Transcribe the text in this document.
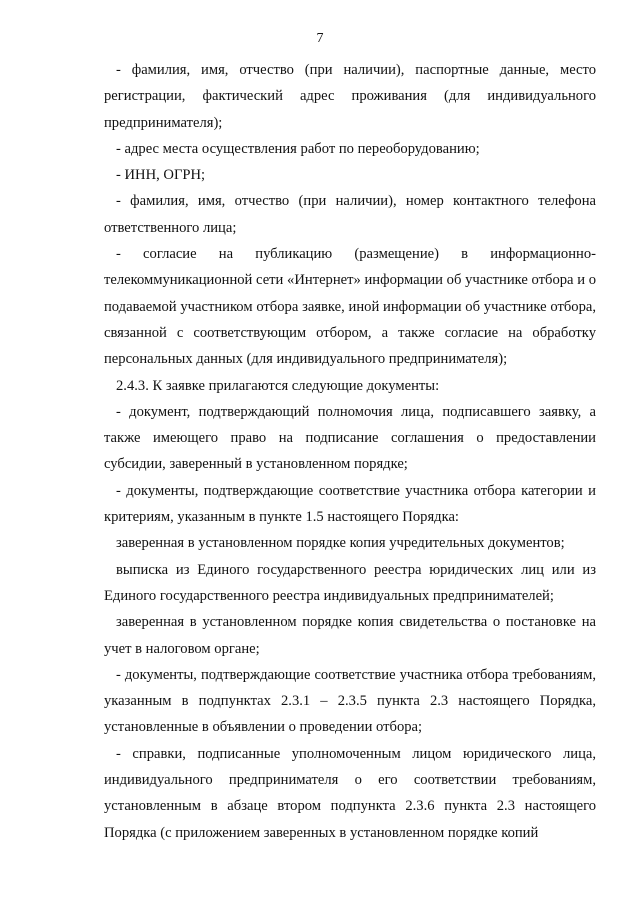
7

- фамилия, имя, отчество (при наличии), паспортные данные, место регистрации, фактический адрес проживания (для индивидуального предпринимателя);

- адрес места осуществления работ по переоборудованию;

- ИНН, ОГРН;

- фамилия, имя, отчество (при наличии), номер контактного телефона ответственного лица;

- согласие на публикацию (размещение) в информационно-телекоммуникационной сети «Интернет» информации об участнике отбора и о подаваемой участником отбора заявке, иной информации об участнике отбора, связанной с соответствующим отбором, а также согласие на обработку персональных данных (для индивидуального предпринимателя);

2.4.3. К заявке прилагаются следующие документы:

- документ, подтверждающий полномочия лица, подписавшего заявку, а также имеющего право на подписание соглашения о предоставлении субсидии, заверенный в установленном порядке;

- документы, подтверждающие соответствие участника отбора категории и критериям, указанным в пункте 1.5 настоящего Порядка:

заверенная в установленном порядке копия учредительных документов;

выписка из Единого государственного реестра юридических лиц или из Единого государственного реестра индивидуальных предпринимателей;

заверенная в установленном порядке копия свидетельства о постановке на учет в налоговом органе;

- документы, подтверждающие соответствие участника отбора требованиям, указанным в подпунктах 2.3.1 – 2.3.5 пункта 2.3 настоящего Порядка, установленные в объявлении о проведении отбора;

- справки, подписанные уполномоченным лицом юридического лица, индивидуального предпринимателя о его соответствии требованиям, установленным в абзаце втором подпункта 2.3.6 пункта 2.3 настоящего Порядка (с приложением заверенных в установленном порядке копий
